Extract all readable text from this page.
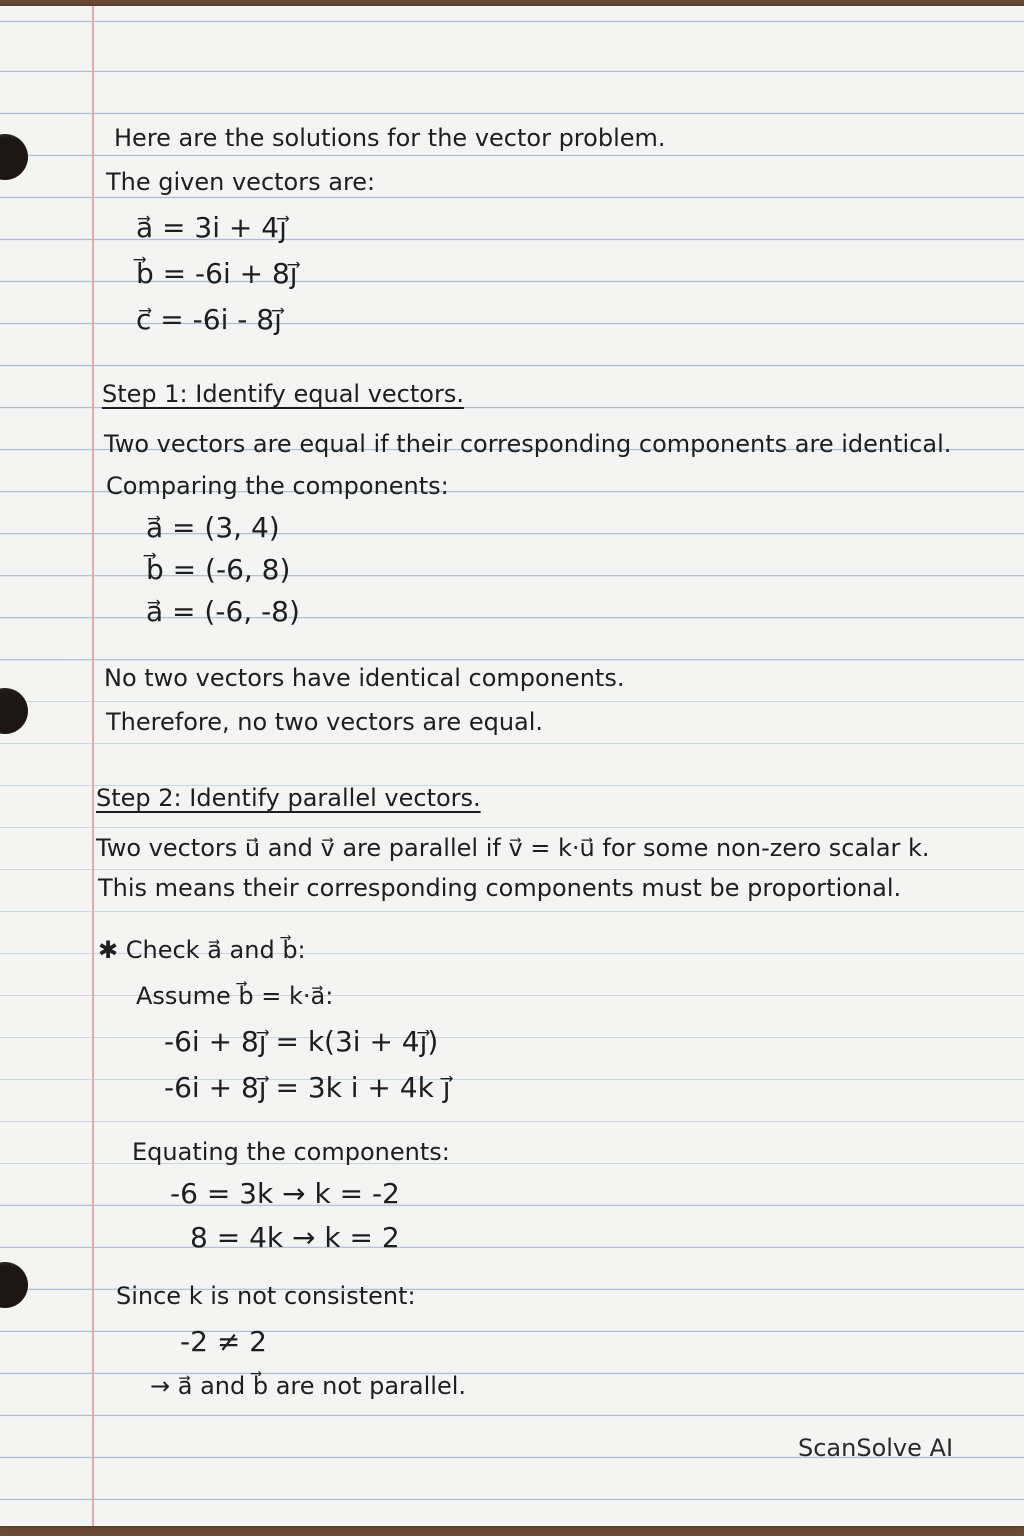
Here are the solutions for the vector problem.
The given vectors are:
a⃗ = 3i + 4j⃗
b⃗ = -6i + 8j⃗
c⃗ = -6i - 8j⃗
Step 1: Identify equal vectors.
Two vectors are equal if their corresponding components are identical.
Comparing the components:
a⃗ = (3, 4)
b⃗ = (-6, 8)
a⃗ = (-6, -8)
No two vectors have identical components.
Therefore, no two vectors are equal.
Step 2: Identify parallel vectors.
Two vectors u⃗ and v⃗ are parallel if v⃗ = k·u⃗ for some non-zero scalar k.
This means their corresponding components must be proportional.
✱ Check a⃗ and b⃗:
Assume b⃗ = k·a⃗:
-6i + 8j⃗ = k(3i + 4j⃗)
-6i + 8j⃗ = 3k i + 4k j⃗
Equating the components:
-6 = 3k → k = -2
8 = 4k → k = 2
Since k is not consistent:
-2 ≠ 2
→ a⃗ and b⃗ are not parallel.
ScanSolve AI
